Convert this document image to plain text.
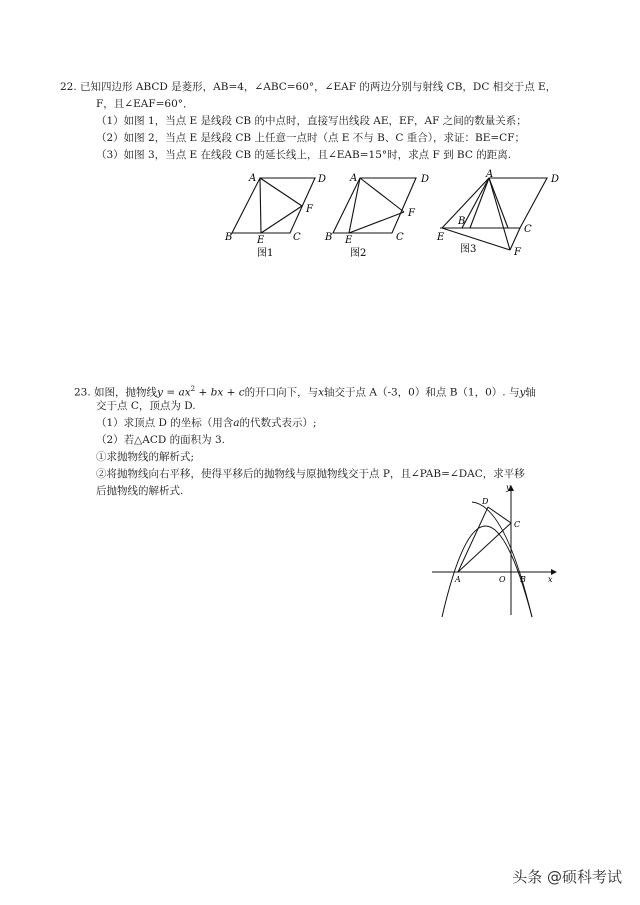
22. 已知四边形 ABCD 是菱形，AB=4，∠ABC=60°，∠EAF 的两边分别与射线 CB，DC 相交于点 E，
F，且∠EAF=60°．
（1）如图 1，当点 E 是线段 CB 的中点时，直接写出线段 AE，EF，AF 之间的数量关系；
（2）如图 2，当点 E 是线段 CB 上任意一点时（点 E 不与 B、C 重合），求证：BE=CF；
（3）如图 3，当点 E 在线段 CB 的延长线上，且∠EAB=15°时，求点 F 到 BC 的距离.
A	D
B	C
E
F
图1
A	D
B	C
E
F
图2
A	D
B
C
E
F
图3
23. 如图，抛物线$y = ax^2$ + bx + c的开口向下，与x轴交于点 A（-3，0）和点 B（1，0）. 与y轴
交于点 C，顶点为 D.
（1）求顶点 D 的坐标（用含a的代数式表示）;
（2）若△ACD 的面积为 3.
①求抛物线的解析式;
②将抛物线向右平移，使得平移后的抛物线与原抛物线交于点 P，且∠PAB=∠DAC，求平移
后抛物线的解析式.	y
x
D
C
A	O B
头条 @硕科考试
